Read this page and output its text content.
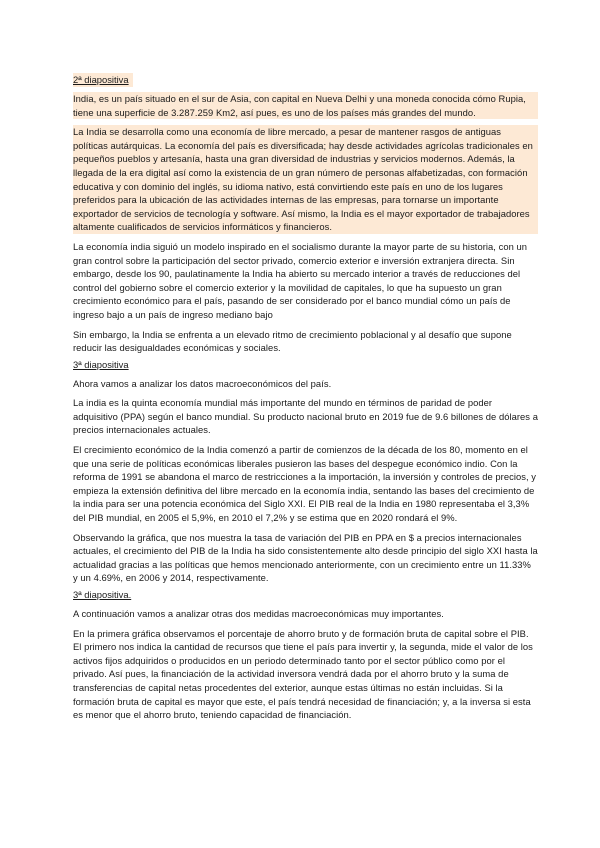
2ª diapositiva

India, es un país situado en el sur de Asia, con capital en Nueva Delhi y una moneda conocida cómo Rupia, tiene una superficie de 3.287.259 Km2, así pues, es uno de los países más grandes del mundo.

La India se desarrolla como una economía de libre mercado, a pesar de mantener rasgos de antiguas políticas autárquicas. La economía del país es diversificada; hay desde actividades agrícolas tradicionales en pequeños pueblos y artesanía, hasta una gran diversidad de industrias y servicios modernos. Además, la llegada de la era digital así como la existencia de un gran número de personas alfabetizadas, con formación educativa y con dominio del inglés, su idioma nativo, está convirtiendo este país en uno de los lugares preferidos para la ubicación de las actividades internas de las empresas, para tornarse un importante exportador de servicios de tecnología y software. Así mismo, la India es el mayor exportador de trabajadores altamente cualificados de servicios informáticos y financieros.

La economía india siguió un modelo inspirado en el socialismo durante la mayor parte de su historia, con un gran control sobre la participación del sector privado, comercio exterior e inversión extranjera directa. Sin embargo, desde los 90, paulatinamente la India ha abierto su mercado interior a través de reducciones del control del gobierno sobre el comercio exterior y la movilidad de capitales, lo que ha supuesto un gran crecimiento económico para el país, pasando de ser considerado por el banco mundial cómo un país de ingreso bajo a un país de ingreso mediano bajo

Sin embargo, la India se enfrenta a un elevado ritmo de crecimiento poblacional y al desafío que supone reducir las desigualdades económicas y sociales.

3ª diapositiva

Ahora vamos a analizar los datos macroeconómicos del país.

La india es la quinta economía mundial más importante del mundo en términos de paridad de poder adquisitivo (PPA) según el banco mundial. Su producto nacional bruto en 2019 fue de 9.6 billones de dólares a precios internacionales actuales.

El crecimiento económico de la India comenzó a partir de comienzos de la década de los 80, momento en el que una serie de políticas económicas liberales pusieron las bases del despegue económico indio. Con la reforma de 1991 se abandona el marco de restricciones a la importación, la inversión y controles de precios, y empieza la extensión definitiva del libre mercado en la economía india, sentando las bases del crecimiento de la india para ser una potencia económica del Siglo XXI. El PIB real de la India en 1980 representaba el 3,3% del PIB mundial, en 2005 el 5,9%, en 2010 el 7,2% y se estima que en 2020 rondará el 9%.

Observando la gráfica, que nos muestra la tasa de variación del PIB en PPA en $ a precios internacionales actuales, el crecimiento del PIB de la India ha sido consistentemente alto desde principio del siglo XXI hasta la actualidad gracias a las políticas que hemos mencionado anteriormente, con un crecimiento entre un 11.33% y un 4.69%, en 2006 y 2014, respectivamente.

3ª diapositiva.

A continuación vamos a analizar otras dos medidas macroeconómicas muy importantes.

En la primera gráfica observamos el porcentaje de ahorro bruto y de formación bruta de capital sobre el PIB. El primero nos indica la cantidad de recursos que tiene el país para invertir y, la segunda, mide el valor de los activos fijos adquiridos o producidos en un periodo determinado tanto por el sector público como por el privado. Así pues, la financiación de la actividad inversora vendrá dada por el ahorro bruto y la suma de transferencias de capital netas procedentes del exterior, aunque estas últimas no están incluidas. Si la formación bruta de capital es mayor que este, el país tendrá necesidad de financiación; y, a la inversa si esta es menor que el ahorro bruto, teniendo capacidad de financiación.
